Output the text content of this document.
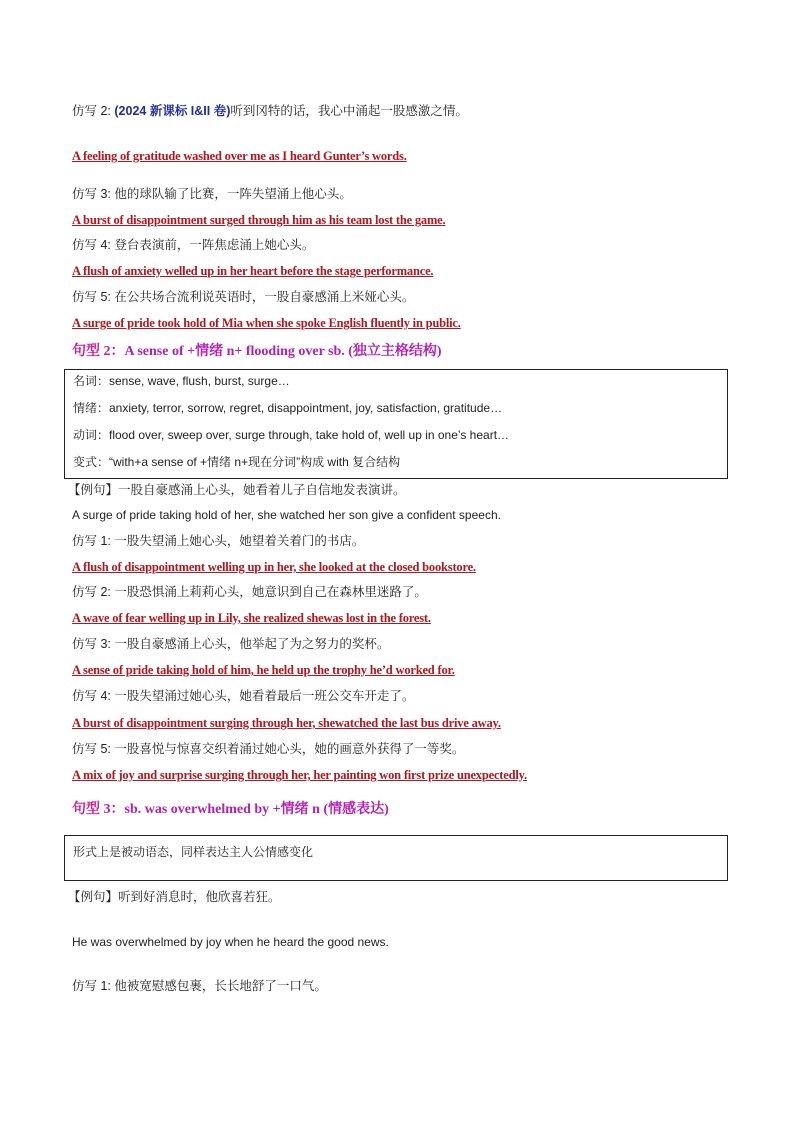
仿写 2: (2024 新课标 I&II 卷)听到冈特的话，我心中涌起一股感激之情。
A feeling of gratitude washed over me as I heard Gunter’s words.
仿写 3: 他的球队输了比赛，一阵失望涌上他心头。
A burst of disappointment surged through him as his team lost the game.
仿写 4: 登台表演前，一阵焦虑涌上她心头。
A flush of anxiety welled up in her heart before the stage performance.
仿写 5: 在公共场合流利说英语时，一股自豪感涌上米娅心头。
A surge of pride took hold of Mia when she spoke English fluently in public.
句型 2：A sense of +情绪 n+ flooding over sb. (独立主格结构)
名词：sense, wave, flush, burst, surge…
情绪：anxiety, terror, sorrow, regret, disappointment, joy, satisfaction, gratitude…
动词：flood over, sweep over, surge through, take hold of, well up in one’s heart…
变式：“with+a sense of +情绪 n+现在分词”构成 with 复合结构
【例句】一股自豪感涌上心头，她看着儿子自信地发表演讲。
A surge of pride taking hold of her, she watched her son give a confident speech.
仿写 1: 一股失望涌上她心头，她望着关着门的书店。
A flush of disappointment welling up in her, she looked at the closed bookstore.
仿写 2: 一股恐惧涌上莉莉心头，她意识到自己在森林里迷路了。
A wave of fear welling up in Lily, she realized shewas lost in the forest.
仿写 3: 一股自豪感涌上心头，他举起了为之努力的奖杯。
A sense of pride taking hold of him, he held up the trophy he’d worked for.
仿写 4: 一股失望涌过她心头，她看着最后一班公交车开走了。
A burst of disappointment surging through her, shewatched the last bus drive away.
仿写 5: 一股喜悦与惊喜交织着涌过她心头，她的画意外获得了一等奖。
A mix of joy and surprise surging through her, her painting won first prize unexpectedly.
句型 3：sb. was overwhelmed by +情绪 n (情感表达)
形式上是被动语态，同样表达主人公情感变化
【例句】听到好消息时，他欣喜若狂。
He was overwhelmed by joy when he heard the good news.
仿写 1: 他被宽慰感包裹，长长地舒了一口气。
